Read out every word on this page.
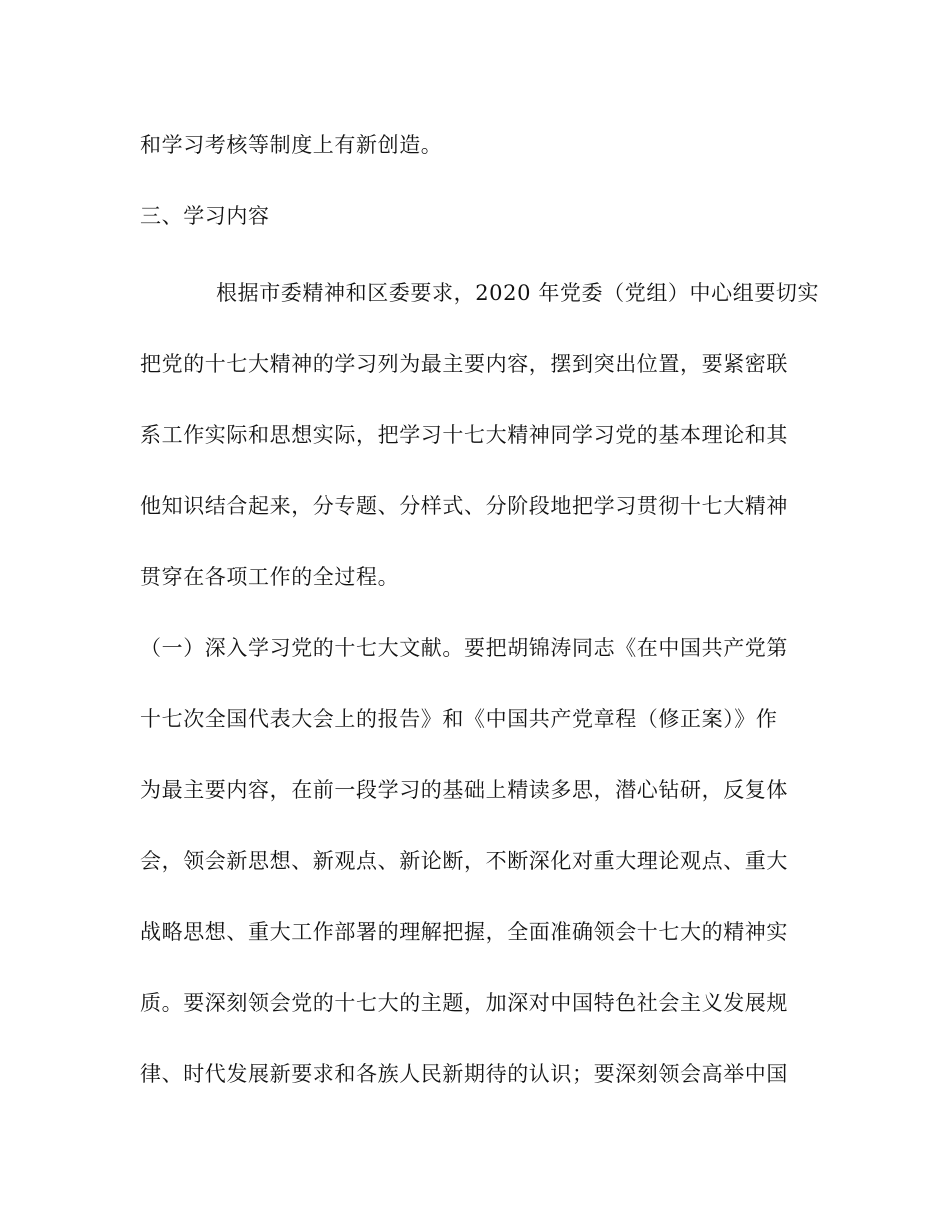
和学习考核等制度上有新创造。
三、学习内容
根据市委精神和区委要求，2020 年党委（党组）中心组要切实
把党的十七大精神的学习列为最主要内容，摆到突出位置，要紧密联
系工作实际和思想实际，把学习十七大精神同学习党的基本理论和其
他知识结合起来，分专题、分样式、分阶段地把学习贯彻十七大精神
贯穿在各项工作的全过程。
（一）深入学习党的十七大文献。要把胡锦涛同志《在中国共产党第
十七次全国代表大会上的报告》和《中国共产党章程（修正案）》作
为最主要内容，在前一段学习的基础上精读多思，潜心钻研，反复体
会，领会新思想、新观点、新论断，不断深化对重大理论观点、重大
战略思想、重大工作部署的理解把握，全面准确领会十七大的精神实
质。要深刻领会党的十七大的主题，加深对中国特色社会主义发展规
律、时代发展新要求和各族人民新期待的认识；要深刻领会高举中国
